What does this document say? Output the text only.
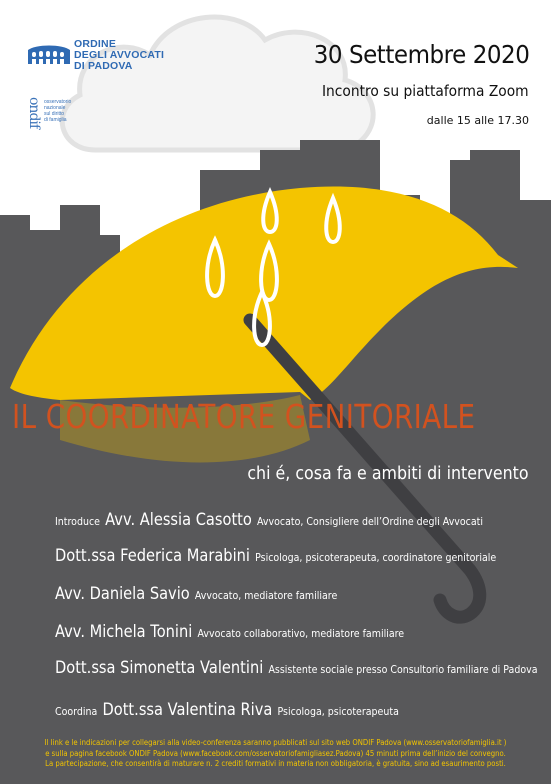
ORDINE
DEGLI AVVOCATI
DI PADOVA
ondif osservatorio
nazionale
sul diritto
di famiglia
30 Settembre 2020
Incontro su piattaforma Zoom
dalle 15 alle 17.30
IL COORDINATORE GENITORIALE
chi é, cosa fa e ambiti di intervento
Introduce Avv. Alessia Casotto Avvocato, Consigliere dell’Ordine degli Avvocati
Dott.ssa Federica Marabini Psicologa, psicoterapeuta, coordinatore genitoriale
Avv. Daniela Savio Avvocato, mediatore familiare
Avv. Michela Tonini Avvocato collaborativo, mediatore familiare
Dott.ssa Simonetta Valentini Assistente sociale presso Consultorio familiare di Padova
Coordina Dott.ssa Valentina Riva Psicologa, psicoterapeuta
Il link e le indicazioni per collegarsi alla video-conferenza saranno pubblicati sul sito web ONDIF Padova (www.osservatoriofamiglia.it )
e sulla pagina facebook ONDIF Padova (www.facebook.com/osservatoriofamigliasez.Padova) 45 minuti prima dell’inizio del convegno.
La partecipazione, che consentirà di maturare n. 2 crediti formativi in materia non obbligatoria, è gratuita, sino ad esaurimento posti.
